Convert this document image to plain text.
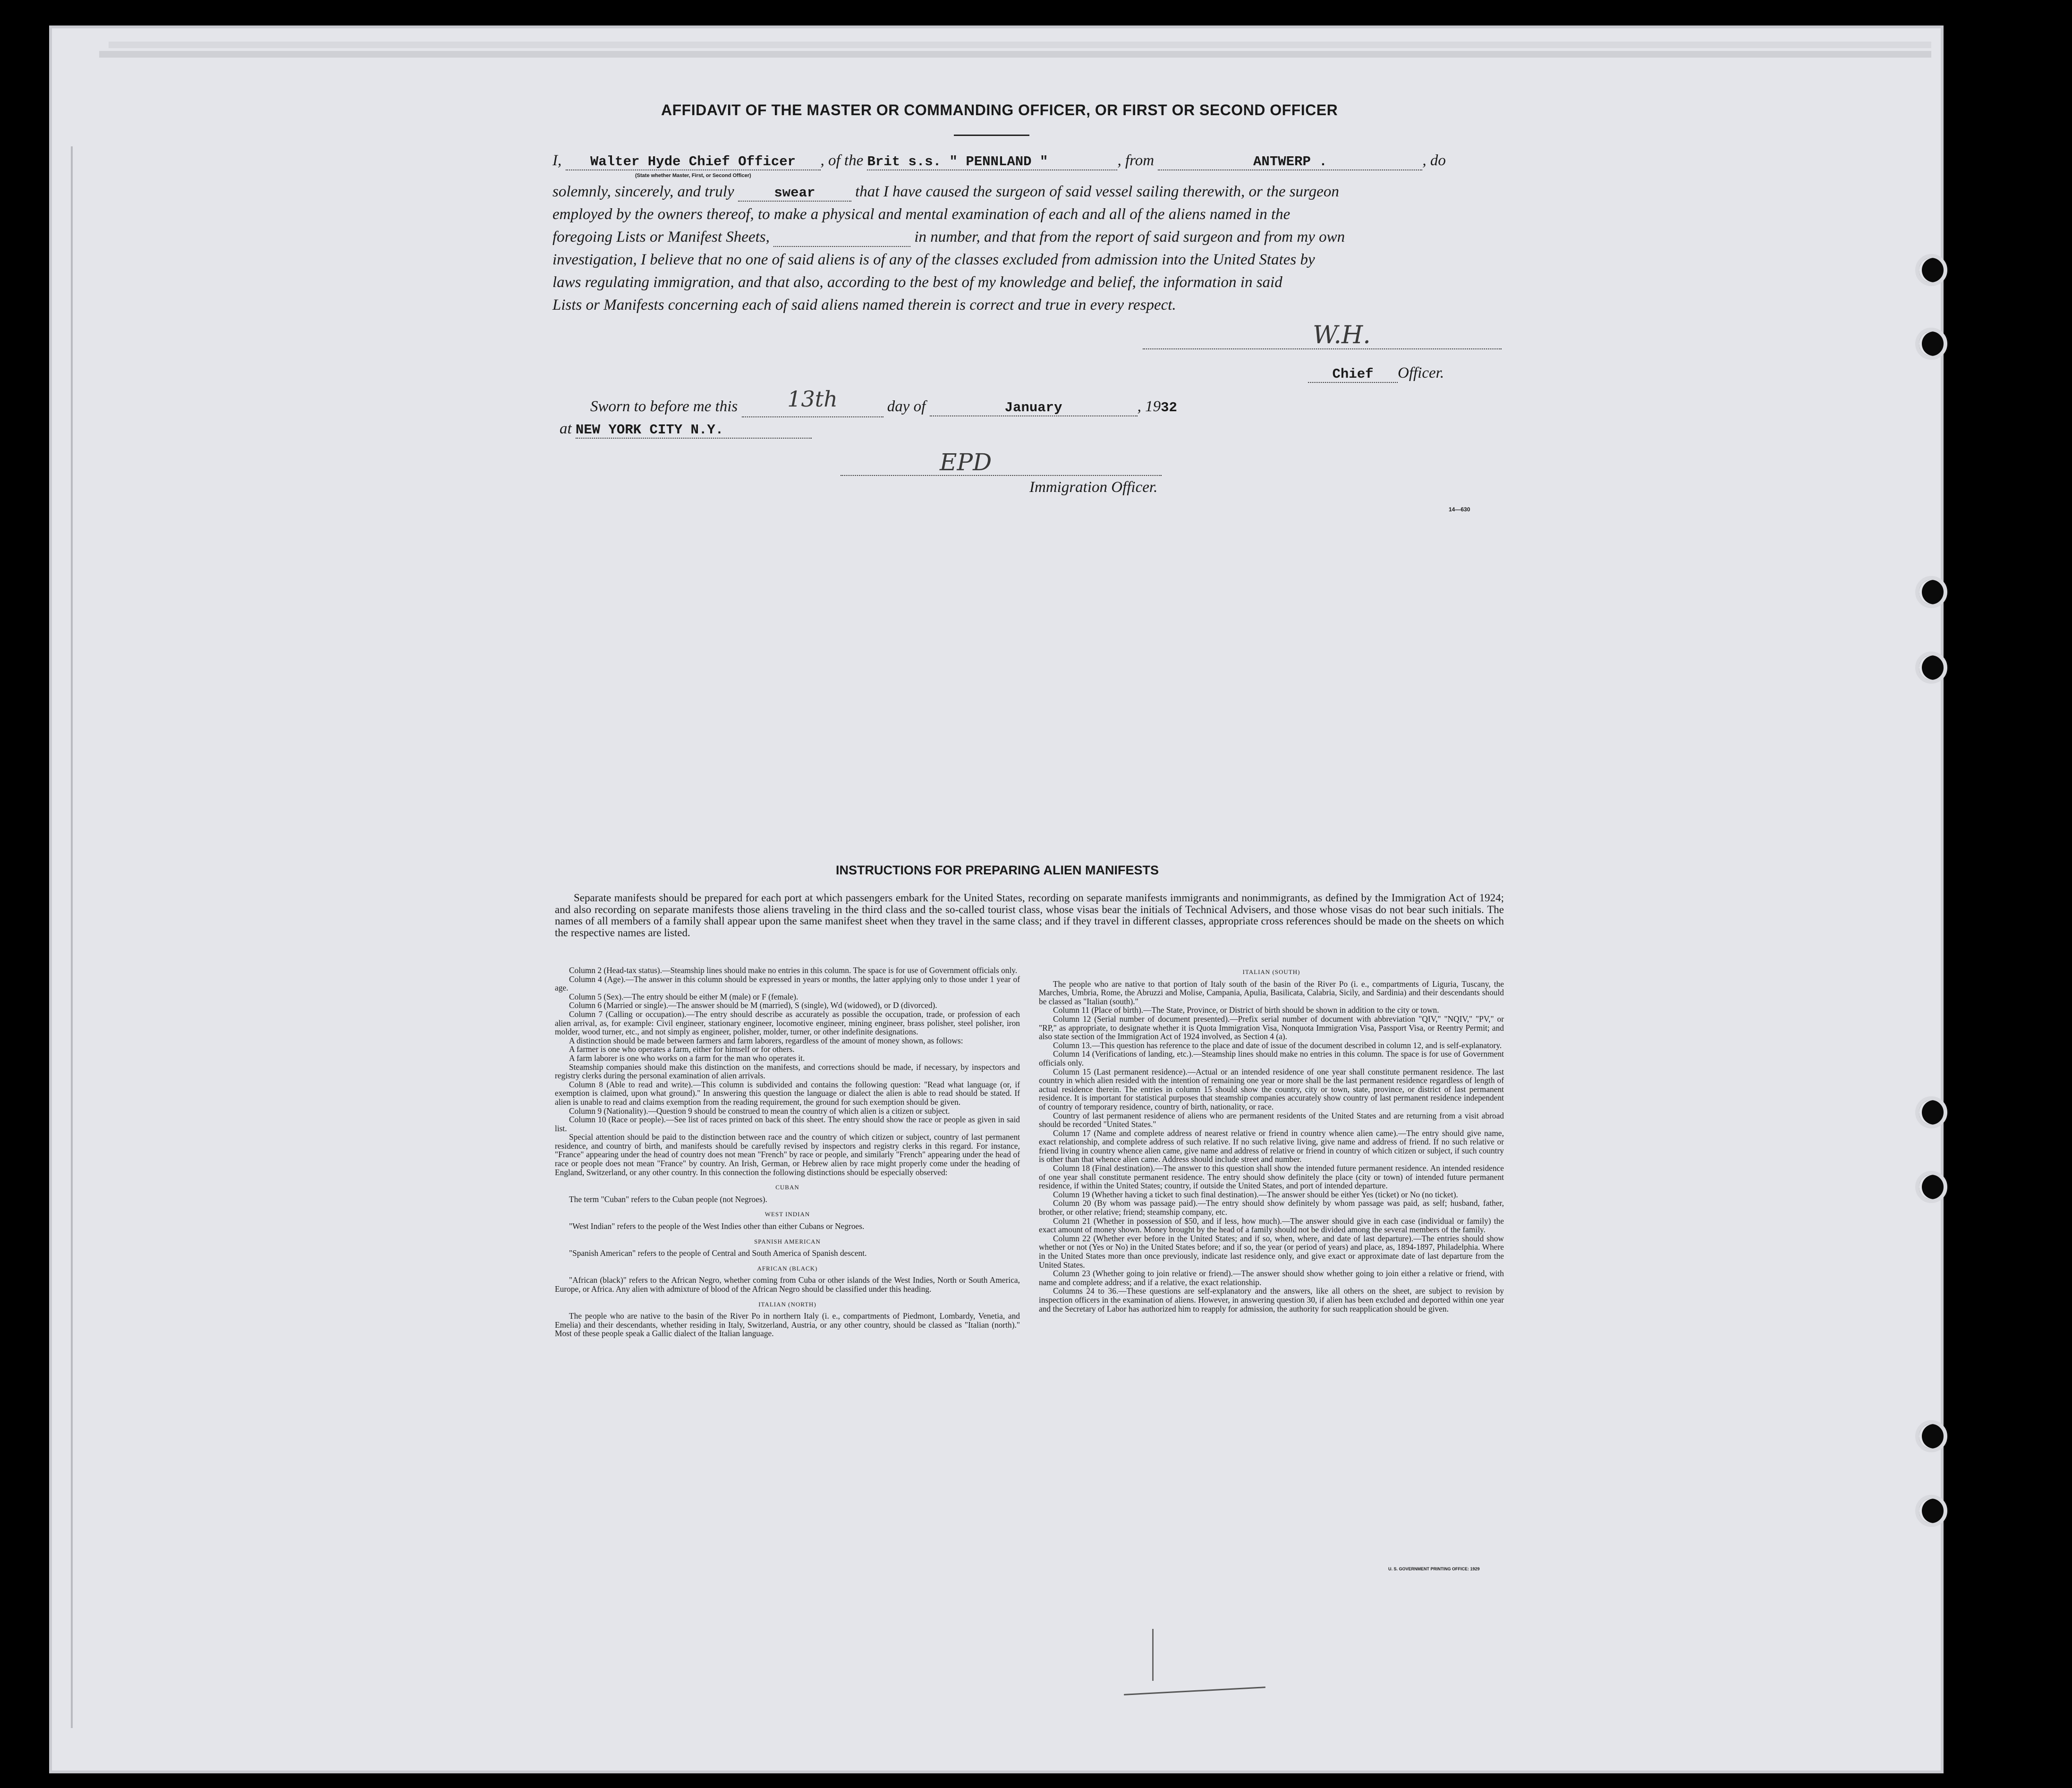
AFFIDAVIT OF THE MASTER OR COMMANDING OFFICER, OR FIRST OR SECOND OFFICER
I, Walter Hyde Chief Officer , of the Brit s.s. " PENNLAND "	, from	ANTWERP .	, do
(State whether Master, First, or Second Officer)
solemnly, sincerely, and truly	swear	that I have caused the surgeon of said vessel sailing therewith, or the surgeon
employed by the owners thereof, to make a physical and mental examination of each and all of the aliens named in the
foregoing Lists or Manifest Sheets,	in number, and that from the report of said surgeon and from my own
investigation, I believe that no one of said aliens is of any of the classes excluded from admission into the United States by
laws regulating immigration, and that also, according to the best of my knowledge and belief, the information in said
Lists or Manifests concerning each of said aliens named therein is correct and true in every respect.
W.H.
Chief Officer.
Sworn to before me this 13th	day of	January	, 1932
at NEW YORK CITY N.Y.
EPD
Immigration Officer.
14—630
INSTRUCTIONS FOR PREPARING ALIEN MANIFESTS
Separate manifests should be prepared for each port at which passengers embark for the United States, recording on separate manifests immigrants and nonimmigrants, as defined by the Immigration Act of 1924; and also recording on separate manifests those aliens traveling in the third class and the so-called tourist class, whose visas bear the initials of Technical Advisers, and those whose visas do not bear such initials. The names of all members of a family shall appear upon the same manifest sheet when they travel in the same class; and if they travel in different classes, appropriate cross references should be made on the sheets on which the respective names are listed.

Column 2 (Head-tax status).—Steamship lines should make no entries in this column. The space is for use of Government officials only.

Column 4 (Age).—The answer in this column should be expressed in years or months, the latter applying only to those under 1 year of age.

Column 5 (Sex).—The entry should be either M (male) or F (female).

Column 6 (Married or single).—The answer should be M (married), S (single), Wd (widowed), or D (divorced).

Column 7 (Calling or occupation).—The entry should describe as accurately as possible the occupation, trade, or profession of each alien arrival, as, for example: Civil engineer, stationary engineer, locomotive engineer, mining engineer, brass polisher, steel polisher, iron molder, wood turner, etc., and not simply as engineer, polisher, molder, turner, or other indefinite designations.

A distinction should be made between farmers and farm laborers, regardless of the amount of money shown, as follows:

A farmer is one who operates a farm, either for himself or for others.

A farm laborer is one who works on a farm for the man who operates it.

Steamship companies should make this distinction on the manifests, and corrections should be made, if necessary, by inspectors and registry clerks during the personal examination of alien arrivals.

Column 8 (Able to read and write).—This column is subdivided and contains the following question: "Read what language (or, if exemption is claimed, upon what ground)." In answering this question the language or dialect the alien is able to read should be stated. If alien is unable to read and claims exemption from the reading requirement, the ground for such exemption should be given.

Column 9 (Nationality).—Question 9 should be construed to mean the country of which alien is a citizen or subject.

Column 10 (Race or people).—See list of races printed on back of this sheet. The entry should show the race or people as given in said list.

Special attention should be paid to the distinction between race and the country of which citizen or subject, country of last permanent residence, and country of birth, and manifests should be carefully revised by inspectors and registry clerks in this regard. For instance, "France" appearing under the head of country does not mean "French" by race or people, and similarly "French" appearing under the head of race or people does not mean "France" by country. An Irish, German, or Hebrew alien by race might properly come under the heading of England, Switzerland, or any other country. In this connection the following distinctions should be especially observed:

CUBAN

The term "Cuban" refers to the Cuban people (not Negroes).

WEST INDIAN

"West Indian" refers to the people of the West Indies other than either Cubans or Negroes.

SPANISH AMERICAN

"Spanish American" refers to the people of Central and South America of Spanish descent.

AFRICAN (BLACK)

"African (black)" refers to the African Negro, whether coming from Cuba or other islands of the West Indies, North or South America, Europe, or Africa. Any alien with admixture of blood of the African Negro should be classified under this heading.

ITALIAN (NORTH)

The people who are native to the basin of the River Po in northern Italy (i. e., compartments of Piedmont, Lombardy, Venetia, and Emelia) and their descendants, whether residing in Italy, Switzerland, Austria, or any other country, should be classed as "Italian (north)." Most of these people speak a Gallic dialect of the Italian language.

ITALIAN (SOUTH)

The people who are native to that portion of Italy south of the basin of the River Po (i. e., compartments of Liguria, Tuscany, the Marches, Umbria, Rome, the Abruzzi and Molise, Campania, Apulia, Basilicata, Calabria, Sicily, and Sardinia) and their descendants should be classed as "Italian (south)."

Column 11 (Place of birth).—The State, Province, or District of birth should be shown in addition to the city or town.

Column 12 (Serial number of document presented).—Prefix serial number of document with abbreviation "QIV," "NQIV," "PV," or "RP," as appropriate, to designate whether it is Quota Immigration Visa, Nonquota Immigration Visa, Passport Visa, or Reentry Permit; and also state section of the Immigration Act of 1924 involved, as Section 4 (a).

Column 13.—This question has reference to the place and date of issue of the document described in column 12, and is self-explanatory.

Column 14 (Verifications of landing, etc.).—Steamship lines should make no entries in this column. The space is for use of Government officials only.

Column 15 (Last permanent residence).—Actual or an intended residence of one year shall constitute permanent residence. The last country in which alien resided with the intention of remaining one year or more shall be the last permanent residence regardless of length of actual residence therein. The entries in column 15 should show the country, city or town, state, province, or district of last permanent residence. It is important for statistical purposes that steamship companies accurately show country of last permanent residence independent of country of temporary residence, country of birth, nationality, or race.

Country of last permanent residence of aliens who are permanent residents of the United States and are returning from a visit abroad should be recorded "United States."

Column 17 (Name and complete address of nearest relative or friend in country whence alien came).—The entry should give name, exact relationship, and complete address of such relative. If no such relative living, give name and address of friend. If no such relative or friend living in country whence alien came, give name and address of relative or friend in country of which citizen or subject, if such country is other than that whence alien came. Address should include street and number.

Column 18 (Final destination).—The answer to this question shall show the intended future permanent residence. An intended residence of one year shall constitute permanent residence. The entry should show definitely the place (city or town) of intended future permanent residence, if within the United States; country, if outside the United States, and port of intended departure.

Column 19 (Whether having a ticket to such final destination).—The answer should be either Yes (ticket) or No (no ticket).

Column 20 (By whom was passage paid).—The entry should show definitely by whom passage was paid, as self; husband, father, brother, or other relative; friend; steamship company, etc.

Column 21 (Whether in possession of $50, and if less, how much).—The answer should give in each case (individual or family) the exact amount of money shown. Money brought by the head of a family should not be divided among the several members of the family.

Column 22 (Whether ever before in the United States; and if so, when, where, and date of last departure).—The entries should show whether or not (Yes or No) in the United States before; and if so, the year (or period of years) and place, as, 1894-1897, Philadelphia. Where in the United States more than once previously, indicate last residence only, and give exact or approximate date of last departure from the United States.

Column 23 (Whether going to join relative or friend).—The answer should show whether going to join either a relative or friend, with name and complete address; and if a relative, the exact relationship.

Columns 24 to 36.—These questions are self-explanatory and the answers, like all others on the sheet, are subject to revision by inspection officers in the examination of aliens. However, in answering question 30, if alien has been excluded and deported within one year and the Secretary of Labor has authorized him to reapply for admission, the authority for such reapplication should be given.

U. S. GOVERNMENT PRINTING OFFICE: 1929
